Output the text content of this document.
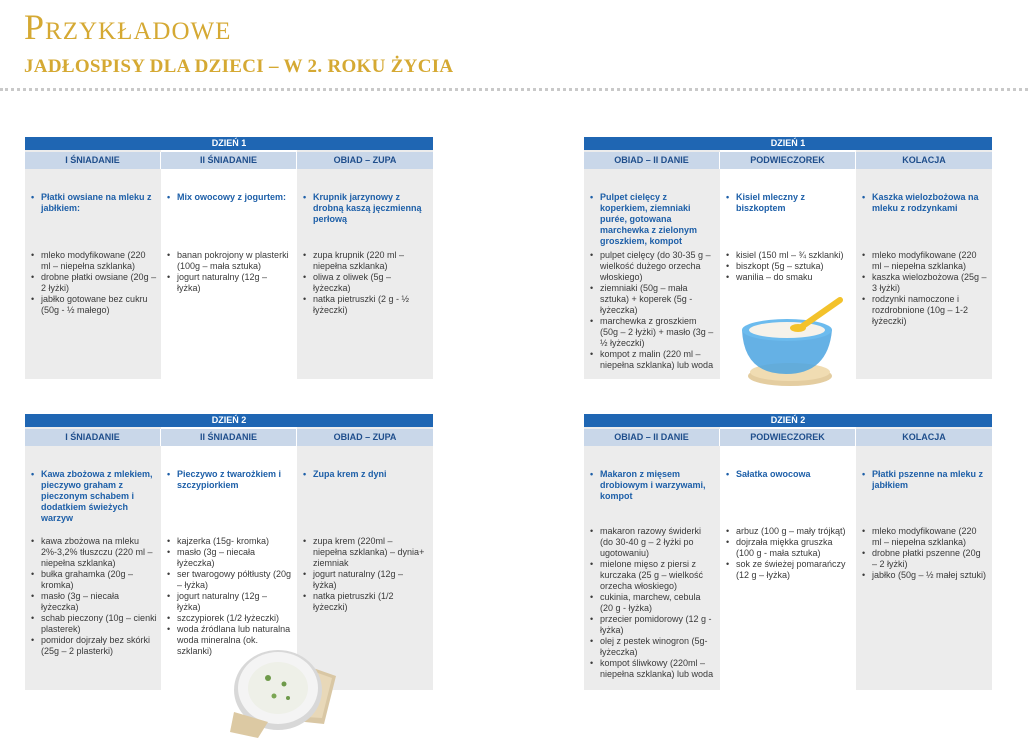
Przykładowe
JADŁOSPISY DLA DZIECI – W 2. ROKU ŻYCIA
DZIEŃ 1
I ŚNIADANIE
• Płatki owsiane na mleku z jabłkiem:
• mleko modyfikowane (220 ml – niepełna szklanka)
• drobne płatki owsiane (20g – 2 łyżki)
• jabłko gotowane bez cukru (50g - ½ małego)
II ŚNIADANIE
• Mix owocowy z jogurtem:
• banan pokrojony w plasterki (100g – mała sztuka)
• jogurt naturalny (12g – łyżka)
OBIAD – ZUPA
• Krupnik jarzynowy z drobną kaszą jęczmienną perłową
• zupa krupnik (220 ml – niepełna szklanka)
• oliwa z oliwek (5g – łyżeczka)
• natka pietruszki (2 g - ½ łyżeczki)
DZIEŃ 1
OBIAD – II DANIE
• Pulpet cielęcy z koperkiem, ziemniaki purée, gotowana marchewka z zielonym groszkiem, kompot
• pulpet cielęcy (do 30-35 g – wielkość dużego orzecha włoskiego)
• ziemniaki (50g – mała sztuka) + koperek (5g - łyżeczka)
• marchewka z groszkiem (50g – 2 łyżki) + masło (3g – ½ łyżeczki)
• kompot z malin (220 ml – niepełna szklanka) lub woda
PODWIECZOREK
• Kisiel mleczny z biszkoptem
• kisiel (150 ml – ¾ szklanki)
• biszkopt (5g – sztuka)
• wanilia – do smaku
KOLACJA
• Kaszka wielozbożowa na mleku z rodzynkami
• mleko modyfikowane (220 ml – niepełna szklanka)
• kaszka wielozbożowa (25g – 3 łyżki)
• rodzynki namoczone i rozdrobnione (10g – 1-2 łyżeczki)
DZIEŃ 2
I ŚNIADANIE
• Kawa zbożowa z mlekiem, pieczywo graham z pieczonym schabem i dodatkiem świeżych warzyw
• kawa zbożowa na mleku 2%-3,2% tłuszczu (220 ml – niepełna szklanka)
• bułka grahamka (20g – kromka)
• masło (3g – niecała łyżeczka)
• schab pieczony (10g – cienki plasterek)
• pomidor dojrzały bez skórki (25g – 2 plasterki)
II ŚNIADANIE
• Pieczywo z twarożkiem i szczypiorkiem
• kajzerka (15g- kromka)
• masło (3g – niecała łyżeczka)
• ser twarogowy półtłusty (20g – łyżka)
• jogurt naturalny (12g – łyżka)
• szczypiorek (1/2 łyżeczki)
• woda źródlana lub naturalna woda mineralna (ok. szklanki)
OBIAD – ZUPA
• Zupa krem z dyni
• zupa krem (220ml – niepełna szklanka) – dynia+ ziemniak
• jogurt naturalny (12g – łyżka)
• natka pietruszki (1/2 łyżeczki)
DZIEŃ 2
OBIAD – II DANIE
• Makaron z mięsem drobiowym i warzywami, kompot
• makaron razowy świderki (do 30-40 g – 2 łyżki po ugotowaniu)
• mielone mięso z piersi z kurczaka (25 g – wielkość orzecha włoskiego)
• cukinia, marchew, cebula (20 g - łyżka)
• przecier pomidorowy (12 g - łyżka)
• olej z pestek winogron (5g- łyżeczka)
• kompot śliwkowy (220ml – niepełna szklanka) lub woda
PODWIECZOREK
• Sałatka owocowa
• arbuz (100 g – mały trójkąt)
• dojrzała miękka gruszka (100 g - mała sztuka)
• sok ze świeżej pomarańczy (12 g – łyżka)
KOLACJA
• Płatki pszenne na mleku z jabłkiem
• mleko modyfikowane (220 ml – niepełna szklanka)
• drobne płatki pszenne (20g – 2 łyżki)
• jabłko (50g – ½ małej sztuki)
